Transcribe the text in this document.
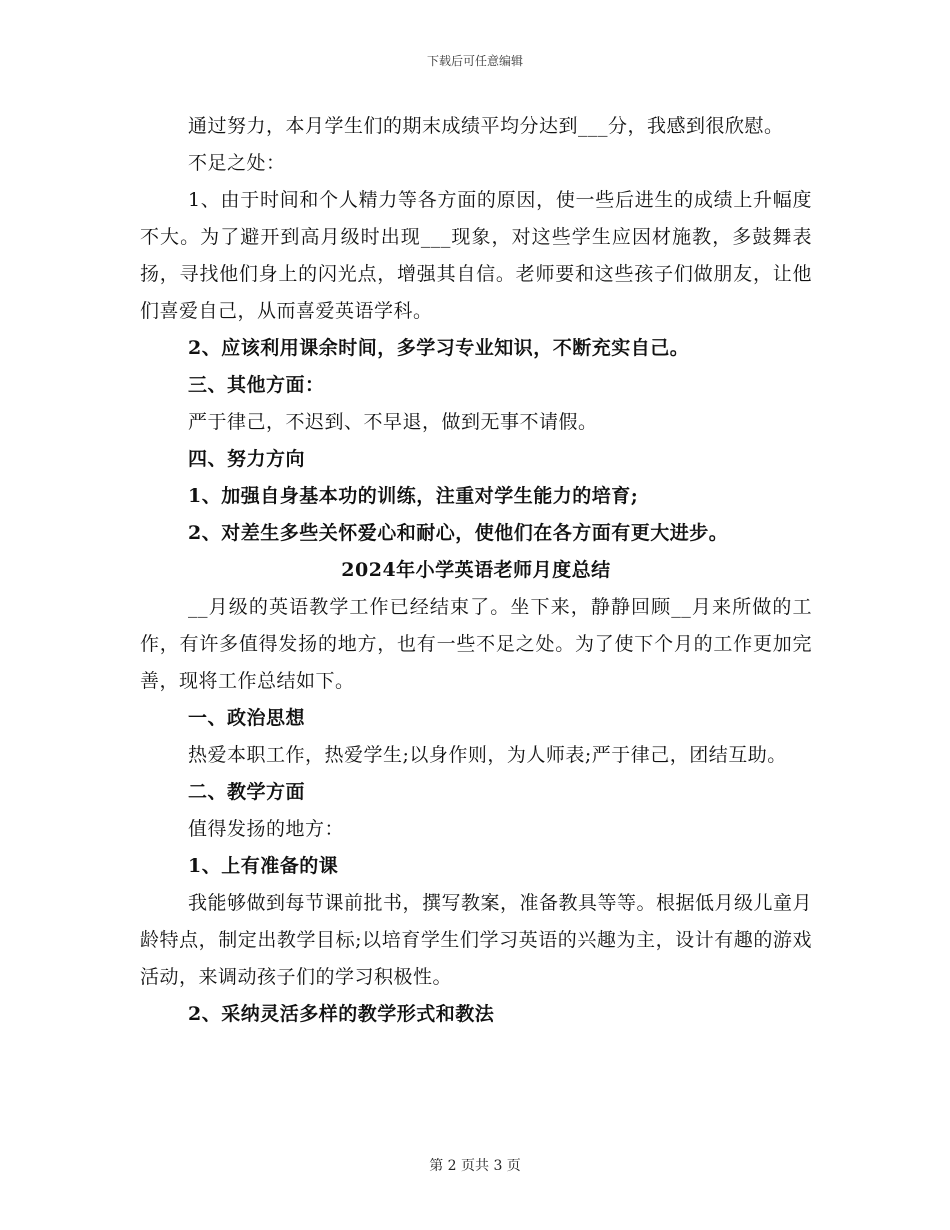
下载后可任意编辑

通过努力，本月学生们的期末成绩平均分达到___分，我感到很欣慰。

不足之处：

1、由于时间和个人精力等各方面的原因，使一些后进生的成绩上升幅度不大。为了避开到高月级时出现___现象，对这些学生应因材施教，多鼓舞表扬，寻找他们身上的闪光点，增强其自信。老师要和这些孩子们做朋友，让他们喜爱自己，从而喜爱英语学科。

2、应该利用课余时间，多学习专业知识，不断充实自己。

三、其他方面：

严于律己，不迟到、不早退，做到无事不请假。

四、努力方向

1、加强自身基本功的训练，注重对学生能力的培育;

2、对差生多些关怀爱心和耐心，使他们在各方面有更大进步。

2024年小学英语老师月度总结

__月级的英语教学工作已经结束了。坐下来，静静回顾__月来所做的工作，有许多值得发扬的地方，也有一些不足之处。为了使下个月的工作更加完善，现将工作总结如下。

一、政治思想

热爱本职工作，热爱学生;以身作则，为人师表;严于律己，团结互助。

二、教学方面

值得发扬的地方：

1、上有准备的课

我能够做到每节课前批书，撰写教案，准备教具等等。根据低月级儿童月龄特点，制定出教学目标;以培育学生们学习英语的兴趣为主，设计有趣的游戏活动，来调动孩子们的学习积极性。

2、采纳灵活多样的教学形式和教法

第 2 页共 3 页
